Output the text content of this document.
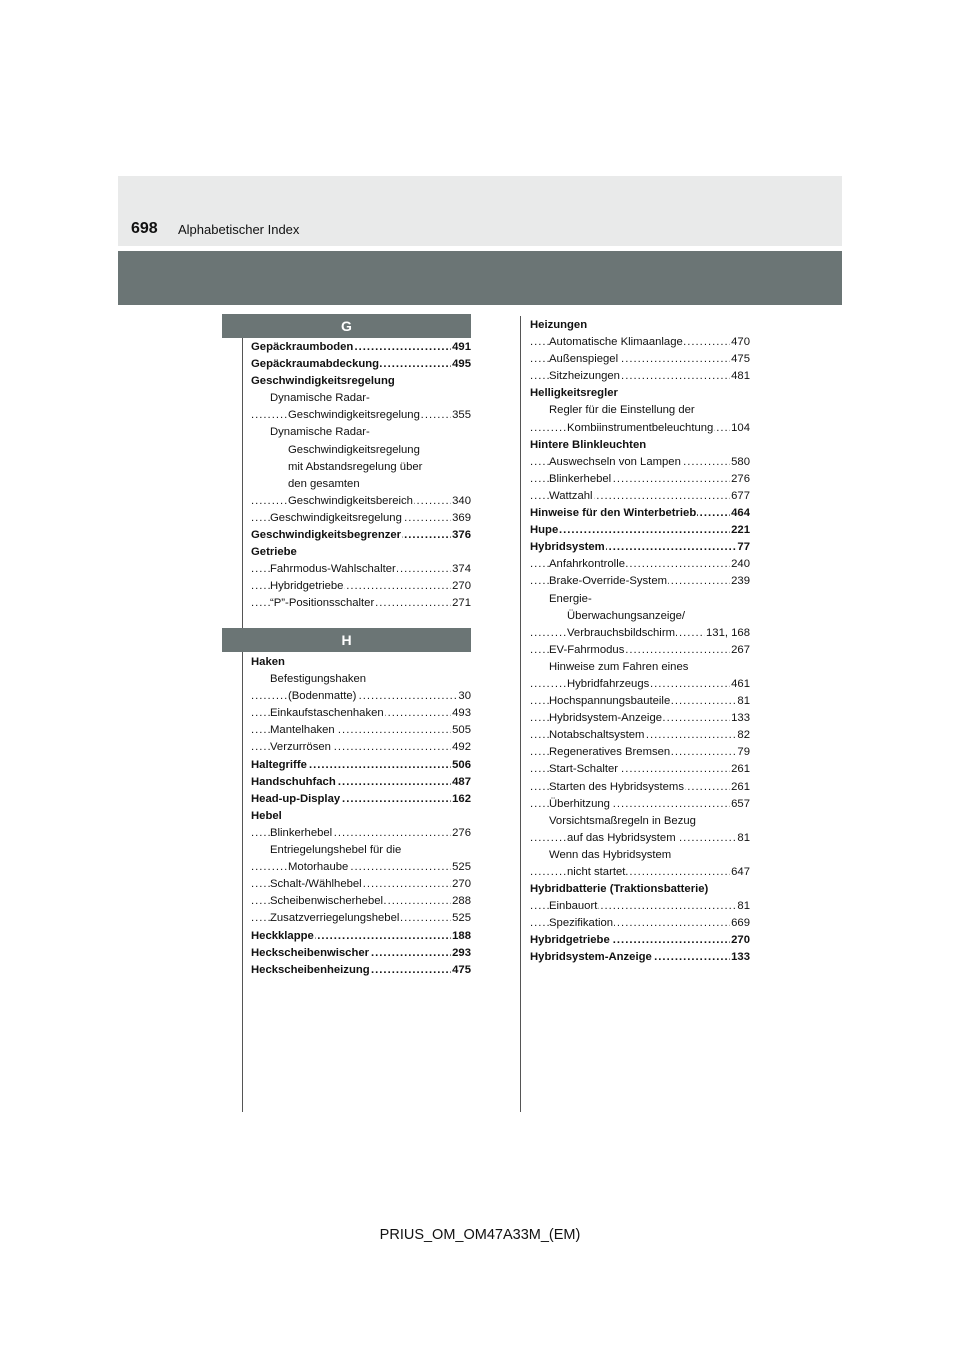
698 Alphabetischer Index
G
Gepäckraumboden	491
.....
Gepäckraumabdeckung	495
.....
Geschwindigkeitsregelung
Dynamische Radar-
Geschwindigkeitsregelung	355
.....
Dynamische Radar-
Geschwindigkeitsregelung
mit Abstandsregelung über
den gesamten
Geschwindigkeitsbereich	340
.....
Geschwindigkeitsregelung	369
.....
Geschwindigkeitsbegrenzer	376
.....
Getriebe
Fahrmodus-Wahlschalter	374
.....
Hybridgetriebe	270
.....
“P”-Positionsschalter	271
.....
H
Haken
Befestigungshaken
(Bodenmatte)	30
.....
Einkaufstaschenhaken	493
.....
Mantelhaken	505
.....
Verzurrösen	492
.....
Haltegriffe	506
.....
Handschuhfach	487
.....
Head-up-Display	162
.....
Hebel
Blinkerhebel	276
.....
Entriegelungshebel für die
Motorhaube	525
.....
Schalt-/Wählhebel	270
.....
Scheibenwischerhebel	288
.....
Zusatzverriegelungshebel	525
.....
Heckklappe	188
.....
Heckscheibenwischer	293
.....
Heckscheibenheizung	475
.....
Heizungen
Automatische Klimaanlage	470
.....
Außenspiegel	475
.....
Sitzheizungen	481
.....
Helligkeitsregler
Regler für die Einstellung der
Kombiinstrumentbeleuchtung 104
.....
Hintere Blinkleuchten
Auswechseln von Lampen	580
.....
Blinkerhebel	276
.....
Wattzahl	677
.....
Hinweise für den Winterbetrieb	464
.....
Hupe	221
.....
Hybridsystem	77
.....
Anfahrkontrolle	240
.....
Brake-Override-System	239
.....
Energie-
Überwachungsanzeige/
Verbrauchsbildschirm	131, 168
.....
EV-Fahrmodus	267
.....
Hinweise zum Fahren eines
Hybridfahrzeugs	461
.....
Hochspannungsbauteile	81
.....
Hybridsystem-Anzeige	133
.....
Notabschaltsystem	82
.....
Regeneratives Bremsen	79
.....
Start-Schalter	261
.....
Starten des Hybridsystems	261
.....
Überhitzung	657
.....
Vorsichtsmaßregeln in Bezug
auf das Hybridsystem	81
.....
Wenn das Hybridsystem
nicht startet	647
.....
Hybridbatterie (Traktionsbatterie)
Einbauort	81
.....
Spezifikation	669
.....
Hybridgetriebe	270
.....
Hybridsystem-Anzeige	133
.....
PRIUS_OM_OM47A33M_(EM)
